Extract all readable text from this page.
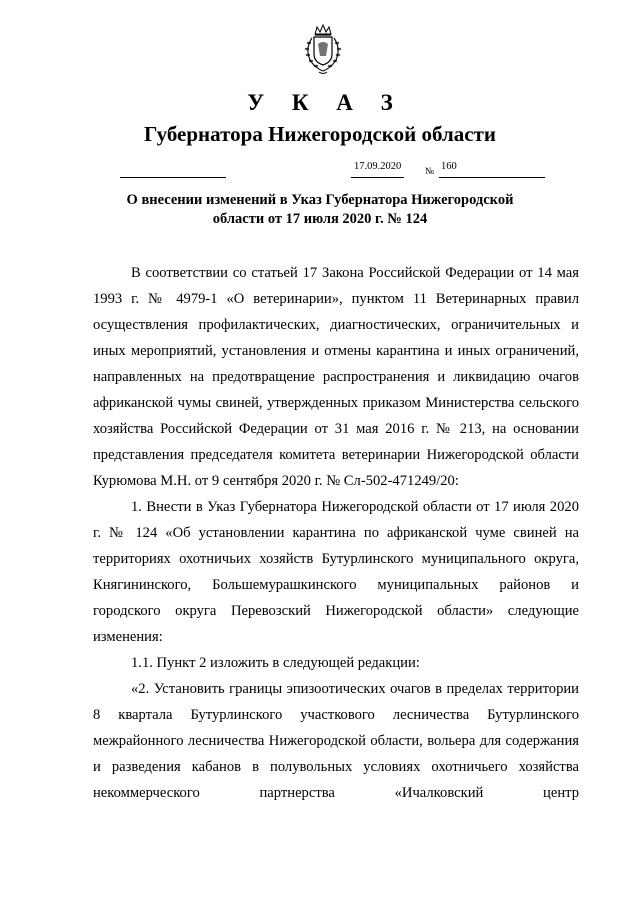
У К А З
Губернатора Нижегородской области
17.09.2020	№ 160
О внесении изменений в Указ Губернатора Нижегородской области от 17 июля 2020 г. № 124

В соответствии со статьей 17 Закона Российской Федерации от 14 мая 1993 г. № 4979-1 «О ветеринарии», пунктом 11 Ветеринарных правил осуществления профилактических, диагностических, ограничительных и иных мероприятий, установления и отмены карантина и иных ограничений, направленных на предотвращение распространения и ликвидацию очагов африканской чумы свиней, утвержденных приказом Министерства сельского хозяйства Российской Федерации от 31 мая 2016 г. № 213, на основании представления председателя комитета ветеринарии Нижегородской области Курюмова М.Н. от 9 сентября 2020 г. № Сл-502-471249/20:

1. Внести в Указ Губернатора Нижегородской области от 17 июля 2020 г. № 124 «Об установлении карантина по африканской чуме свиней на территориях охотничьих хозяйств Бутурлинского муниципального округа, Княгининского, Большемурашкинского муниципальных районов и городского округа Перевозский Нижегородской области» следующие изменения:

1.1. Пункт 2 изложить в следующей редакции:

«2. Установить границы эпизоотических очагов в пределах территории 8 квартала Бутурлинского участкового лесничества Бутурлинского межрайонного лесничества Нижегородской области, вольера для содержания и разведения кабанов в полувольных условиях охотничьего хозяйства некоммерческого партнерства «Ичалковский центр
